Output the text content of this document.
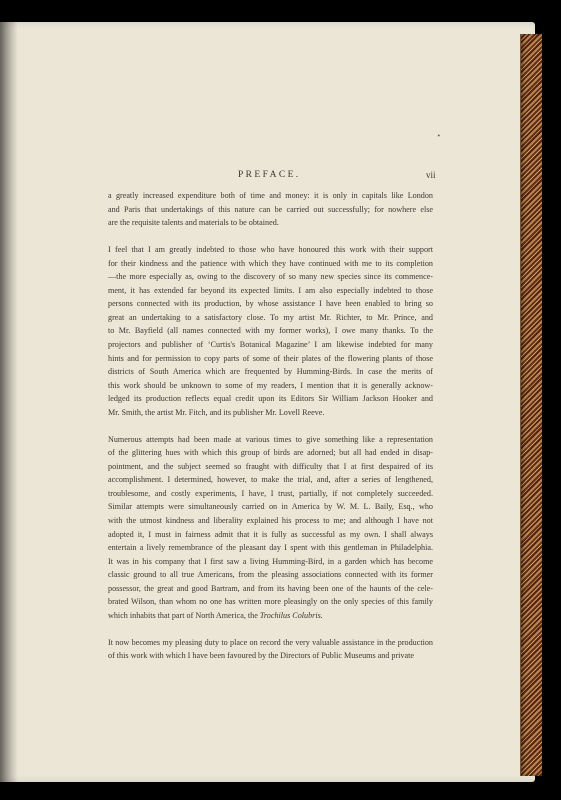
•
PREFACE.	vii
a greatly increased expenditure both of time and money: it is only in capitals like London
and Paris that undertakings of this nature can be carried out successfully; for nowhere else
are the requisite talents and materials to be obtained.
I feel that I am greatly indebted to those who have honoured this work with their support
for their kindness and the patience with which they have continued with me to its completion
—the more especially as, owing to the discovery of so many new species since its commence-
ment, it has extended far beyond its expected limits. I am also especially indebted to those
persons connected with its production, by whose assistance I have been enabled to bring so
great an undertaking to a satisfactory close. To my artist Mr. Richter, to Mr. Prince, and
to Mr. Bayfield (all names connected with my former works), I owe many thanks. To the
projectors and publisher of ‘Curtis's Botanical Magazine’ I am likewise indebted for many
hints and for permission to copy parts of some of their plates of the flowering plants of those
districts of South America which are frequented by Humming-Birds. In case the merits of
this work should be unknown to some of my readers, I mention that it is generally acknow-
ledged its production reflects equal credit upon its Editors Sir William Jackson Hooker and
Mr. Smith, the artist Mr. Fitch, and its publisher Mr. Lovell Reeve.
Numerous attempts had been made at various times to give something like a representation
of the glittering hues with which this group of birds are adorned; but all had ended in disap-
pointment, and the subject seemed so fraught with difficulty that I at first despaired of its
accomplishment. I determined, however, to make the trial, and, after a series of lengthened,
troublesome, and costly experiments, I have, I trust, partially, if not completely succeeded.
Similar attempts were simultaneously carried on in America by W. M. L. Baily, Esq., who
with the utmost kindness and liberality explained his process to me; and although I have not
adopted it, I must in fairness admit that it is fully as successful as my own. I shall always
entertain a lively remembrance of the pleasant day I spent with this gentleman in Philadelphia.
It was in his company that I first saw a living Humming-Bird, in a garden which has become
classic ground to all true Americans, from the pleasing associations connected with its former
possessor, the great and good Bartram, and from its having been one of the haunts of the cele-
brated Wilson, than whom no one has written more pleasingly on the only species of this family
which inhabits that part of North America, the Trochilus Colubris.
It now becomes my pleasing duty to place on record the very valuable assistance in the production
of this work with which I have been favoured by the Directors of Public Museums and private
